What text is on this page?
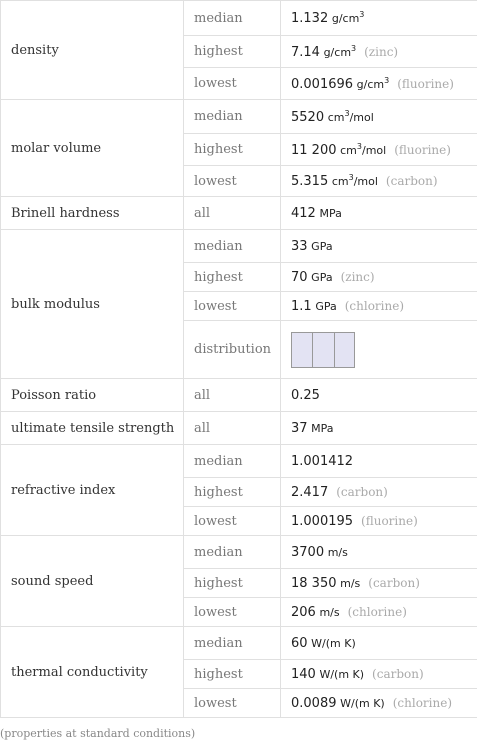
density	median	1.132 $g/cm^3$
	highest	7.14 $g/cm^3$ (zinc)
	lowest	0.001696 $g/cm^3$ (fluorine)
molar volume	median	5520 $cm^3$/mol
	highest	11 200 $cm^3$/mol (fluorine)
	lowest	5.315 $cm^3$/mol (carbon)
Brinell hardness	all	412 MPa
bulk modulus	median	33 GPa
	highest	70 GPa (zinc)
	lowest	1.1 GPa (chlorine)
	distribution	

Poisson ratio	all	0.25
ultimate tensile strength	all	37 MPa
refractive index	median	1.001412
	highest	2.417 (carbon)
	lowest	1.000195 (fluorine)
sound speed	median	3700 m/s
	highest	18 350 m/s (carbon)
	lowest	206 m/s (chlorine)
thermal conductivity	median	60 W/(m K)
	highest	140 W/(m K) (carbon)
	lowest	0.0089 W/(m K) (chlorine)
(properties at standard conditions)
